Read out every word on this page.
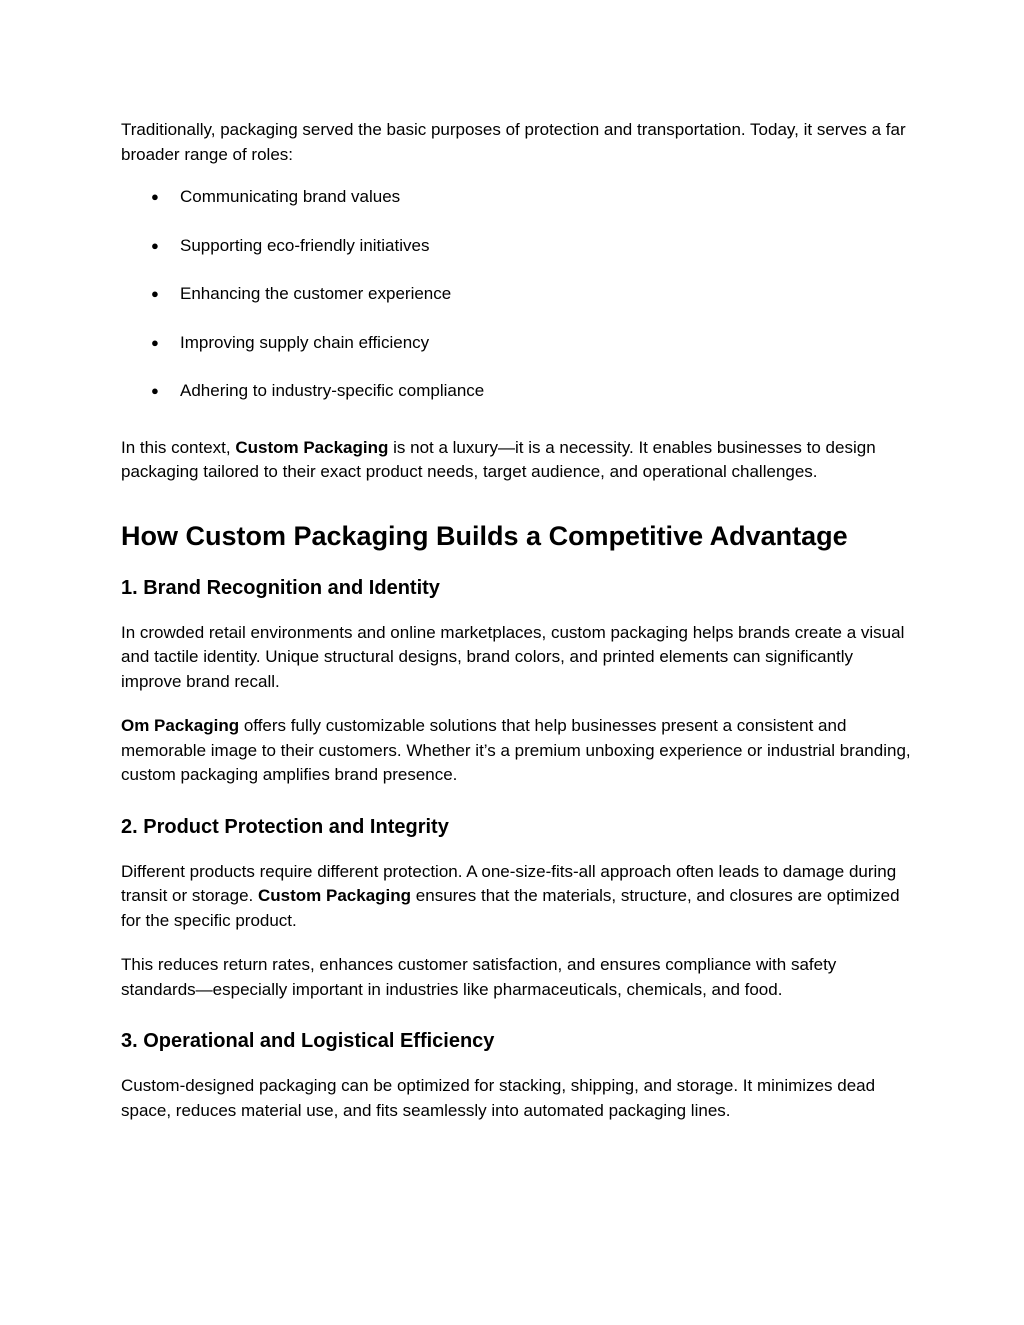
Traditionally, packaging served the basic purposes of protection and transportation. Today, it serves a far broader range of roles:

● Communicating brand values
● Supporting eco-friendly initiatives
● Enhancing the customer experience
● Improving supply chain efficiency
● Adhering to industry-specific compliance

In this context, Custom Packaging is not a luxury—it is a necessity. It enables businesses to design packaging tailored to their exact product needs, target audience, and operational challenges.

How Custom Packaging Builds a Competitive Advantage
1. Brand Recognition and Identity

In crowded retail environments and online marketplaces, custom packaging helps brands create a visual and tactile identity. Unique structural designs, brand colors, and printed elements can significantly improve brand recall.

Om Packaging offers fully customizable solutions that help businesses present a consistent and memorable image to their customers. Whether it’s a premium unboxing experience or industrial branding, custom packaging amplifies brand presence.

2. Product Protection and Integrity

Different products require different protection. A one-size-fits-all approach often leads to damage during transit or storage. Custom Packaging ensures that the materials, structure, and closures are optimized for the specific product.

This reduces return rates, enhances customer satisfaction, and ensures compliance with safety standards—especially important in industries like pharmaceuticals, chemicals, and food.

3. Operational and Logistical Efficiency

Custom-designed packaging can be optimized for stacking, shipping, and storage. It minimizes dead space, reduces material use, and fits seamlessly into automated packaging lines.
